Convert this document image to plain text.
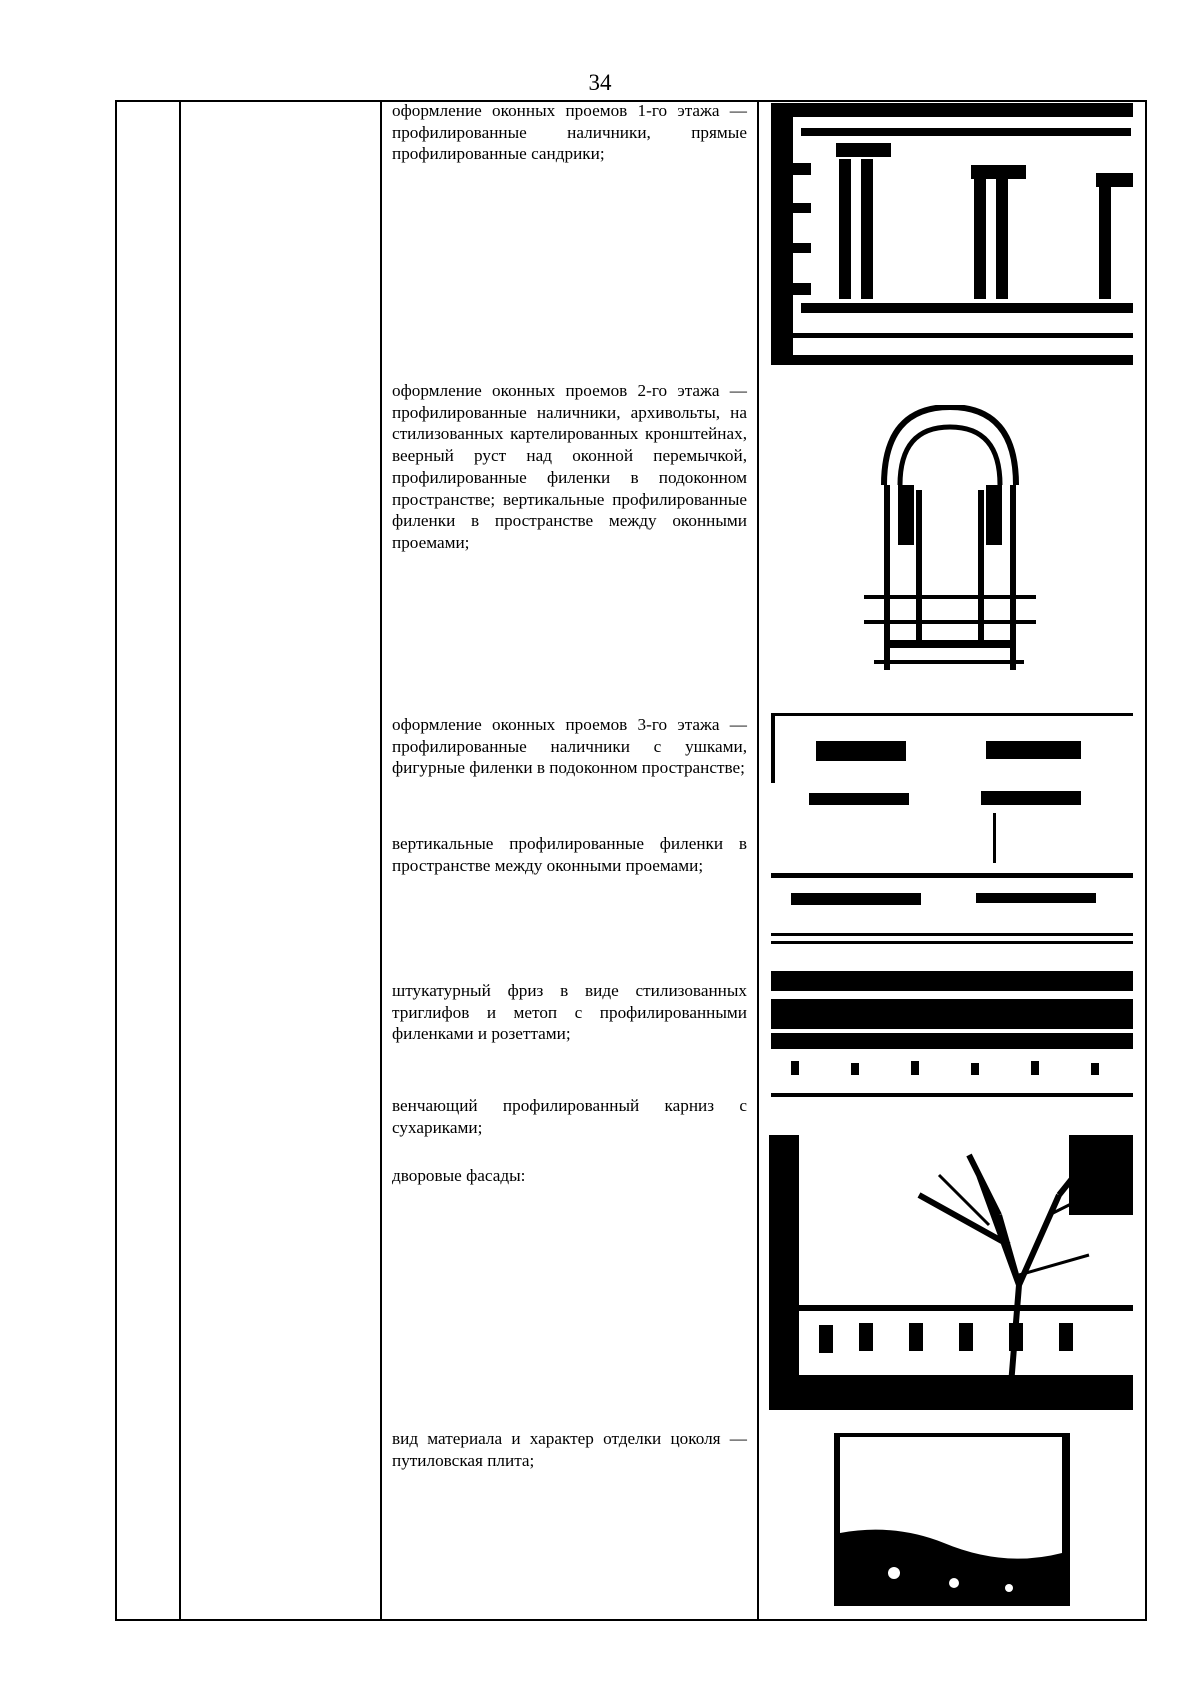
34
оформление оконных проемов 1-го этажа — профилированные наличники, прямые профилированные сандрики;
оформление оконных проемов 2-го этажа — профилированные наличники, архивольты, на стилизованных картелированных кронштейнах, веерный руст над оконной перемычкой, профилированные филенки в подоконном пространстве; вертикальные профилированные филенки в пространстве между оконными проемами;
оформление оконных проемов 3-го этажа — профилированные наличники с ушками, фигурные филенки в подоконном пространстве;
вертикальные профилированные филенки в пространстве между оконными проемами;
штукатурный фриз в виде стилизованных триглифов и метоп с профилированными филенками и розеттами;
венчающий профилированный карниз с сухариками;
дворовые фасады:
вид материала и характер отделки цоколя — путиловская плита;
